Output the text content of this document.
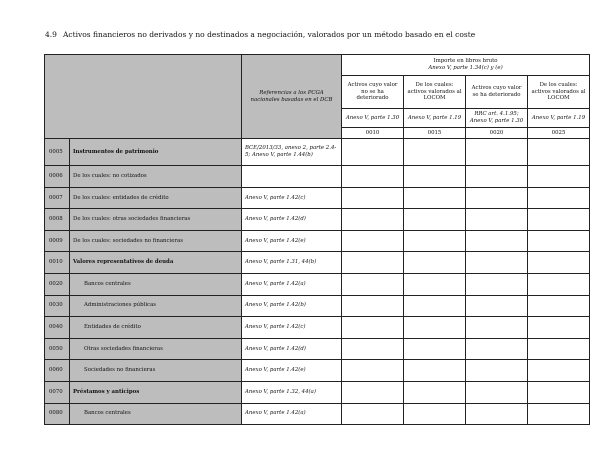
4.9 Activos financieros no derivados y no destinados a negociación, valorados por un método basado en el coste
		Referencias a los PCGA nacionales basadas en el DCB	Importe en libros bruto
Anexo V, parte 1.34(c) y (e)			

			Activos cuyo valor no se ha deteriorado	De los cuales: activos valorados al LOCOM	Activos cuyo valor se ha deteriorado	De los cuales: activos valorados al LOCOM
			Anexo V, parte 1.30	Anexo V, parte 1.19	RRC art. 4.1.95; Anexo V, parte 1.30	Anexo V, parte 1.19
			0010	0015	0020	0025
0005	Instrumentos de patrimonio	BCE/2013/33, anexo 2, parte 2.4-5; Anexo V, parte 1.44(b)				
0006	De los cuales: no cotizados					
0007	De los cuales: entidades de crédito	Anexo V, parte 1.42(c)				
0008	De los cuales: otras sociedades financieras	Anexo V, parte 1.42(d)				
0009	De los cuales: sociedades no financieras	Anexo V, parte 1.42(e)				
0010	Valores representativos de deuda	Anexo V, parte 1.31, 44(b)				
0020	Bancos centrales	Anexo V, parte 1.42(a)				
0030	Administraciones públicas	Anexo V, parte 1.42(b)				
0040	Entidades de crédito	Anexo V, parte 1.42(c)				
0050	Otras sociedades financieras	Anexo V, parte 1.42(d)				
0060	Sociedades no financieras	Anexo V, parte 1.42(e)				
0070	Préstamos y anticipos	Anexo V, parte 1.32, 44(a)				
0080	Bancos centrales	Anexo V, parte 1.42(a)				
